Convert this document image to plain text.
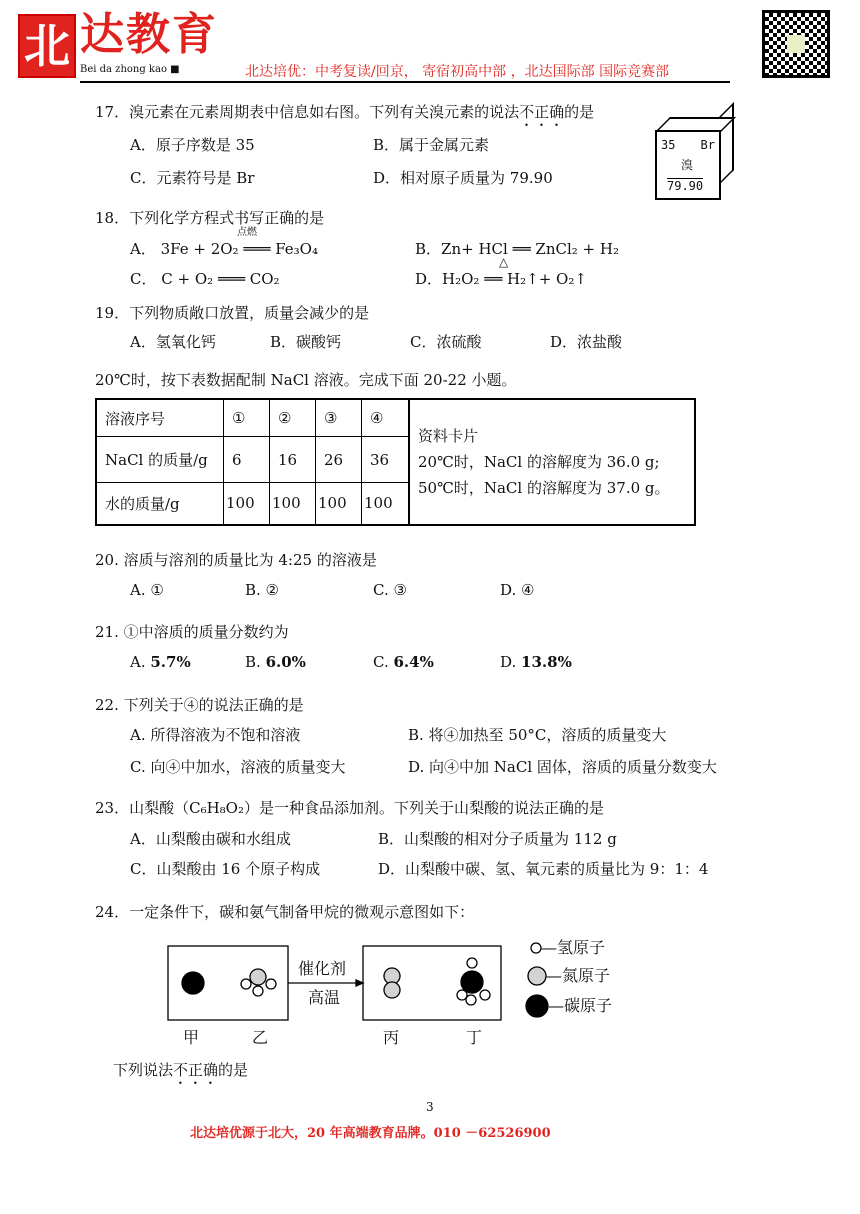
北 达教育
Bei da zhong kao ■	北达培优：中考复读/回京， 寄宿初高中部 ，北达国际部 国际竞赛部
17．溴元素在元素周期表中信息如右图。下列有关溴元素的说法不正确的是
A．原子序数是 35	B．属于金属元素
C．元素符号是 Br	D．相对原子质量为 79.90
35 Br
溴
79.90
18．下列化学方程式书写正确的是
点燃
A． 3Fe + 2O₂ ═══ Fe₃O₄	B．Zn+ HCl ══ ZnCl₂ + H₂
C． C + O₂ ═══ CO₂
△
D．H₂O₂ ══ H₂↑+ O₂↑
19．下列物质敞口放置，质量会减少的是
A．氢氧化钙	B．碳酸钙	C．浓硫酸	D．浓盐酸
20℃时，按下表数据配制 NaCl 溶液。完成下面 20-22 小题。
溶液序号	①	②	③	④	资料卡片
20℃时，NaCl 的溶解度为 36.0 g;
50℃时，NaCl 的溶解度为 37.0 g。

NaCl 的质量/g	6	16	26	36	
水的质量/g	100	100	100	100	
20. 溶质与溶剂的质量比为 4:25 的溶液是
A. ①	B. ②	C. ③	D. ④
21. ①中溶质的质量分数约为
A. 5.7%	B. 6.0%	C. 6.4%	D. 13.8%
22. 下列关于④的说法正确的是
A. 所得溶液为不饱和溶液	B. 将④加热至 50°C，溶质的质量变大
C. 向④中加水，溶液的质量变大	D. 向④中加 NaCl 固体，溶质的质量分数变大
23．山梨酸（C₆H₈O₂）是一种食品添加剂。下列关于山梨酸的说法正确的是
A．山梨酸由碳和水组成	B．山梨酸的相对分子质量为 112 g
C．山梨酸由 16 个原子构成	D．山梨酸中碳、氢、氧元素的质量比为 9：1：4
24．一定条件下，碳和氨气制备甲烷的微观示意图如下：
催化剂
高温
—氢原子
—氮原子
—碳原子
甲	乙	丙	丁
下列说法不正确的是
3
北达培优源于北大，20 年高端教育品牌。010 －62526900
